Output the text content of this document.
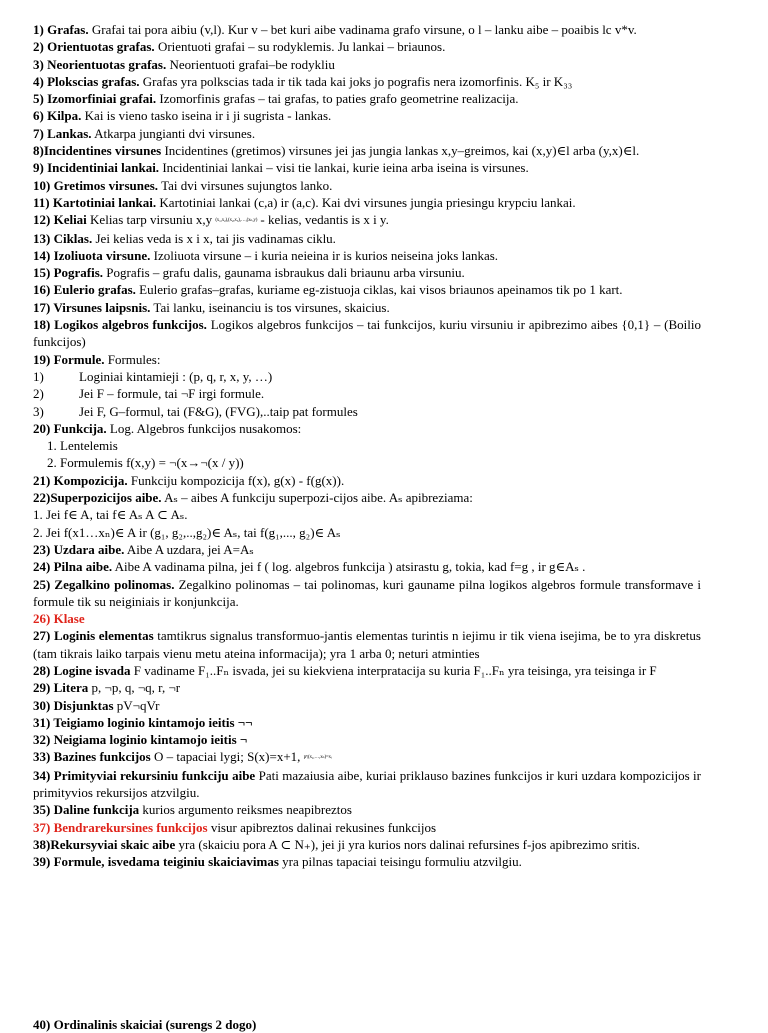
1) Grafas. Grafai tai pora aibiu (v,l). Kur v – bet kuri aibe vadinama grafo virsune, o l – lanku aibe – poaibis lc v*v.

2) Orientuotas grafas. Orientuoti grafai – su rodyklemis. Ju lankai – briaunos.

3) Neorientuotas grafas. Neorientuoti grafai–be rodykliu

4) Plokscias grafas. Grafas yra polkscias tada ir tik tada kai joks jo pografis nera izomorfinis. K₅ ir K₃₃

5) Izomorfiniai grafai. Izomorfinis grafas – tai grafas, to paties grafo geometrine realizacija.

6) Kilpa. Kai is vieno tasko iseina ir i ji sugrista - lankas.

7) Lankas. Atkarpa jungianti dvi virsunes.

8)Incidentines virsunes Incidentines (gretimos) virsunes jei jas jungia lankas x,y–greimos, kai (x,y)∈l arba (y,x)∈l.

9) Incidentiniai lankai. Incidentiniai lankai – visi tie lankai, kurie ieina arba iseina is virsunes.

10) Gretimos virsunes. Tai dvi virsunes sujungtos lanko.

11) Kartotiniai lankai. Kartotiniai lankai (c,a) ir (a,c). Kai dvi virsunes jungia priesingu krypciu lankai.

12) Keliai Kelias tarp virsuniu x,y $^{(x_1,x_2),(x_2,x_3),\dots,(x_n,y)}$ - kelias, vedantis is x i y.

13) Ciklas. Jei kelias veda is x i x, tai jis vadinamas ciklu.

14) Izoliuota virsune. Izoliuota virsune – i kuria neieina ir is kurios neiseina joks lankas.

15) Pografis. Pografis – grafu dalis, gaunama isbraukus dali briaunu arba virsuniu.

16) Eulerio grafas. Eulerio grafas–grafas, kuriame eg-zistuoja ciklas, kai visos briaunos apeinamos tik po 1 kart.

17) Virsunes laipsnis. Tai lanku, iseinanciu is tos virsunes, skaicius.

18) Logikos algebros funkcijos. Logikos algebros funkcijos – tai funkcijos, kuriu virsuniu ir apibrezimo aibes {0,1} – (Boilio funkcijos)

19) Formule. Formules:

1)	Loginiai kintamieji : (p, q, r, x, y, …)
2)	Jei F – formule, tai ¬F irgi formule.
3)	Jei F, G–formul, tai (F&G), (FVG),..taip pat formules

20) Funkcija. Log. Algebros funkcijos nusakomos:

1. Lentelemis
2. Formulemis f(x,y) = ¬(x→¬(x / y))

21) Kompozicija. Funkciju kompozicija f(x), g(x) - f(g(x)).

22)Superpozicijos aibe. Aₛ – aibes A funkciju superpozi-cijos aibe. Aₛ apibreziama:

1. Jei f∈ A, tai f∈ Aₛ A ⊂ Aₛ.
2. Jei f(x1…xₙ)∈ A ir (g₁, g₂,..,g₂)∈ Aₛ, tai f(g₁,..., g₂)∈ Aₛ

23) Uzdara aibe. Aibe A uzdara, jei A=Aₛ

24) Pilna aibe. Aibe A vadinama pilna, jei f ( log. algebros funkcija ) atsirastu g, tokia, kad f=g , ir g∈Aₛ .

25) Zegalkino polinomas. Zegalkino polinomas – tai polinomas, kuri gauname pilna logikos algebros formule transformave i formule tik su neiginiais ir konjunkcija.

26) Klase

27) Loginis elementas tamtikrus signalus transformuo-jantis elementas turintis n iejimu ir tik viena isejima, be to yra diskretus (tam tikrais laiko tarpais vienu metu ateina informacija); yra 1 arba 0; neturi atminties

28) Logine isvada F vadiname F₁..Fₙ isvada, jei su kiekviena interpratacija su kuria F₁..Fₙ yra teisinga, yra teisinga ir F

29) Litera p, ¬p, q, ¬q, r, ¬r

30) Disjunktas pV¬qVr

31) Teigiamo loginio kintamojo ieitis ¬¬

32) Neigiama loginio kintamojo ieitis ¬

33) Bazines funkcijos O – tapaciai lygi; S(x)=x+1, $^{p^nᵢ(x_1,\dots,x_n)=xᵢ}$

34) Primityviai rekursiniu funkciju aibe Pati mazaiusia aibe, kuriai priklauso bazines funkcijos ir kuri uzdara kompozicijos ir primityvios rekursijos atzvilgiu.

35) Daline funkcija kurios argumento reiksmes neapibreztos

37) Bendrarekursines funkcijos visur apibreztos dalinai rekusines funkcijos

38)Rekursyviai skaic aibe yra (skaiciu pora A ⊂ N₊), jei ji yra kurios nors dalinai refursines f-jos apibrezimo sritis.

39) Formule, isvedama teiginiu skaiciavimas yra pilnas tapaciai teisingu formuliu atzvilgiu.

40) Ordinalinis skaiciai (surengs 2 dogo)
